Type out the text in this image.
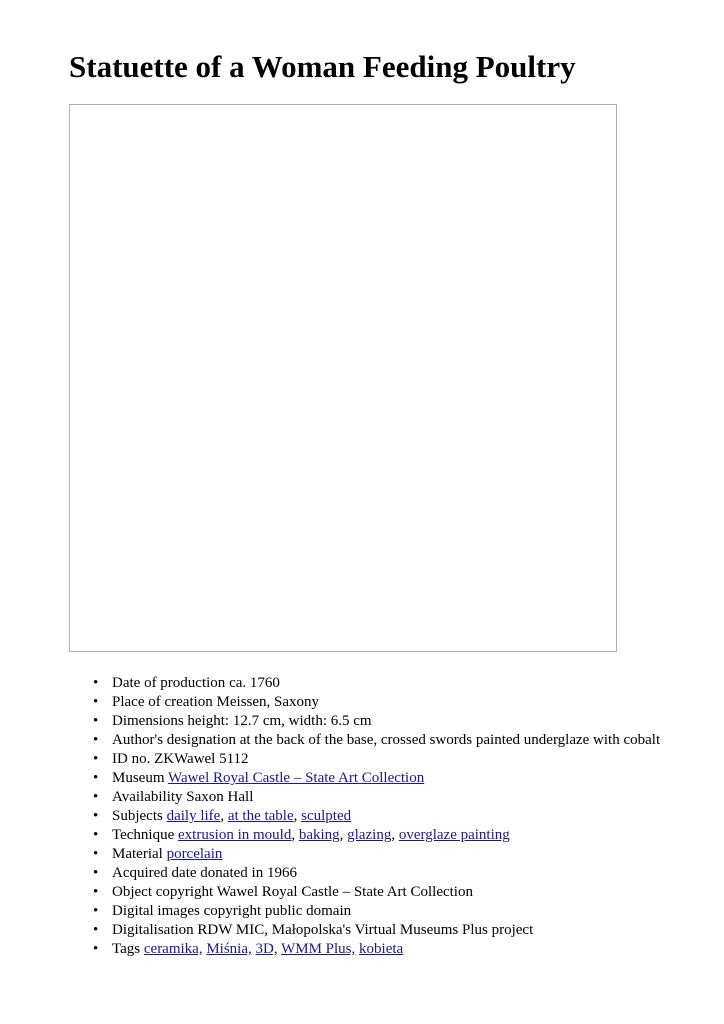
Statuette of a Woman Feeding Poultry
• Date of production ca. 1760
• Place of creation Meissen, Saxony
• Dimensions height: 12.7 cm, width: 6.5 cm
• Author's designation at the back of the base, crossed swords painted underglaze with cobalt
• ID no. ZKWawel 5112
• Museum Wawel Royal Castle – State Art Collection
• Availability Saxon Hall
• Subjects daily life, at the table, sculpted
• Technique extrusion in mould, baking, glazing, overglaze painting
• Material porcelain
• Acquired date donated in 1966
• Object copyright Wawel Royal Castle – State Art Collection
• Digital images copyright public domain
• Digitalisation RDW MIC, Małopolska's Virtual Museums Plus project
• Tags ceramika, Miśnia, 3D, WMM Plus, kobieta
